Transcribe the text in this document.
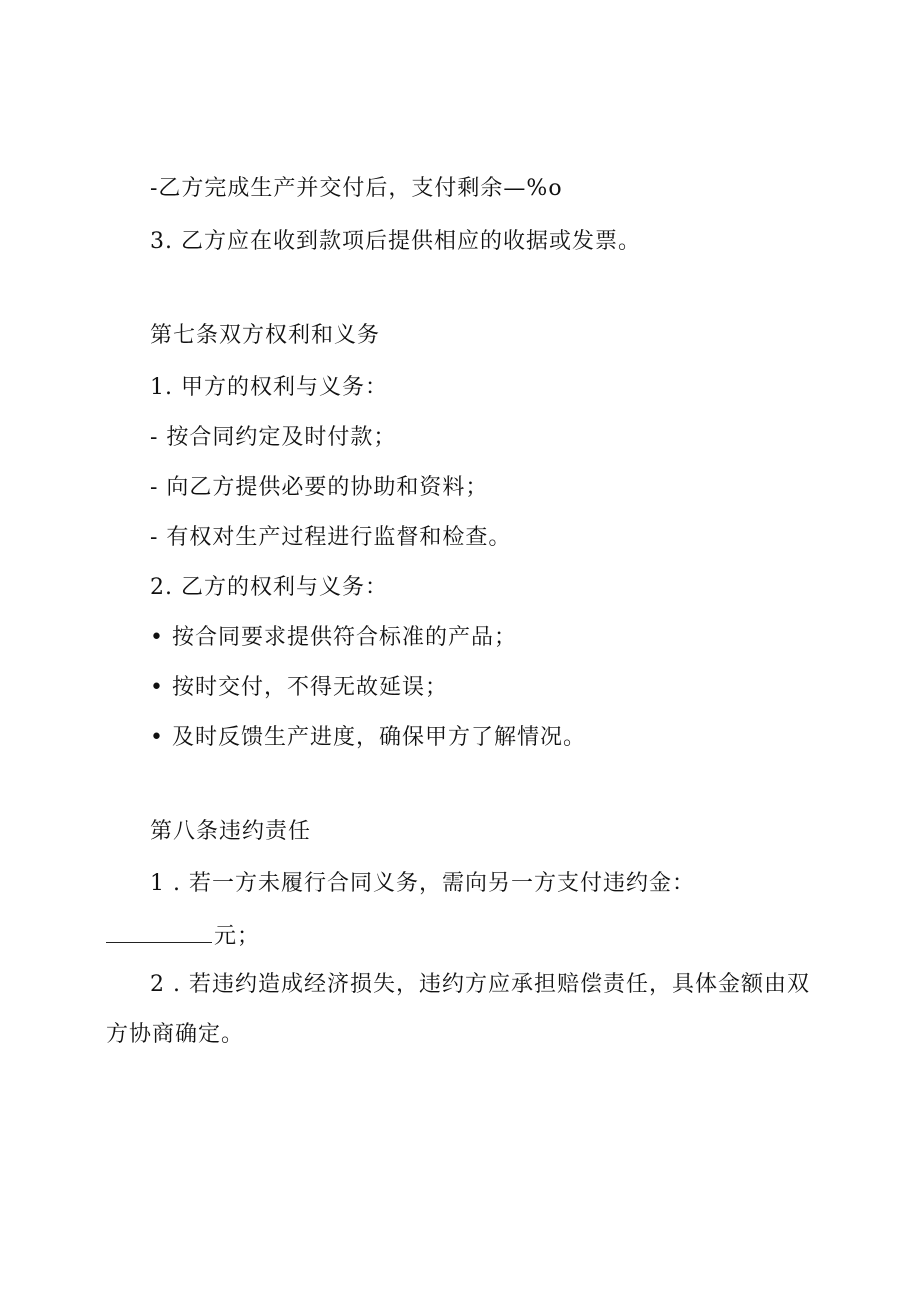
-乙方完成生产并交付后，支付剩余—%o
3. 乙方应在收到款项后提供相应的收据或发票。
第七条双方权利和义务
1. 甲方的权利与义务：
- 按合同约定及时付款；
- 向乙方提供必要的协助和资料；
- 有权对生产过程进行监督和检查。
2. 乙方的权利与义务：
• 按合同要求提供符合标准的产品；
• 按时交付，不得无故延误；
• 及时反馈生产进度，确保甲方了解情况。
第八条违约责任
1 . 若一方未履行合同义务，需向另一方支付违约金：
元；
2 . 若违约造成经济损失，违约方应承担赔偿责任，具体金额由双
方协商确定。
